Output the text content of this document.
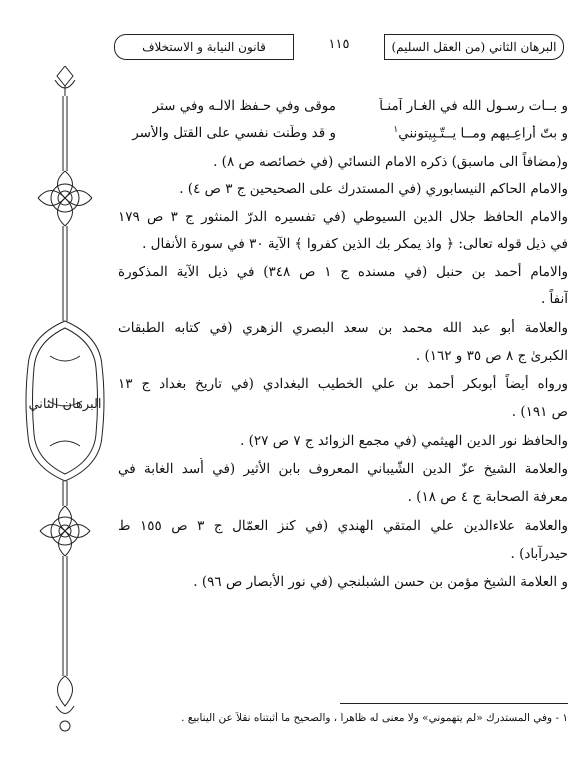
البرهان الثاني (من العقل السليم)
١١٥
قانون النيابة و الاستخلاف
البرهان الثاني
و بــات رسـول الله في الغـار آمنـاً
موقى وفي حـفظ الالـه وفي ستر
و بتّ أُراعِـيهم ومــا يــتّـبِيتونني$^١$
و قد وطّنت نفسي على القتل والأسر
و(مضافاً الى ماسبق) ذكره الامام النسائي (في خصائصه ص ٨) .
والامام الحاكم النيسابوري (في المستدرك على الصحيحين ج ٣ ص ٤) .
والامام الحافظ جلال الدين السيوطي (في تفسيره الدرّ المنثور ج ٣ ص ١٧٩
في ذيل قوله تعالى: ﴿ واذ يمكر بك الذين كفروا ﴾ الآية ٣٠ في سورة الأنفال .
والامام أحمد بن حنبل (في مسنده ج ١ ص ٣٤٨) في ذيل الآية المذكورة
آنفاً .
والعلامة أبو عبد الله محمد بن سعد البصري الزهري (في كتابه الطبقات
الكبرىٰ ج ٨ ص ٣٥ و ١٦٢) .
ورواه أيضاً أبوبكر أحمد بن علي الخطيب البغدادي (في تاريخ بغداد ج ١٣
ص ١٩١) .
والحافظ نور الدين الهيثمي (في مجمع الزوائد ج ٧ ص ٢٧) .
والعلامة الشيخ عزّ الدين الشّيباني المعروف بابن الأثير (في أُسد الغابة في
معرفة الصحابة ج ٤ ص ١٨) .
والعلامة علاءالدين علي المتقي الهندي (في كنز العمّال ج ٣ ص ١٥٥ ط
حيدرآباد) .
و العلامة الشيخ مؤمن بن حسن الشبلنجي (في نور الأبصار ص ٩٦) .
١ - وفي المستدرك «لم يتهموني» ولا معنى له ظاهراً ، والصحيح ما أثبتناه نقلاً عن الينابيع .
